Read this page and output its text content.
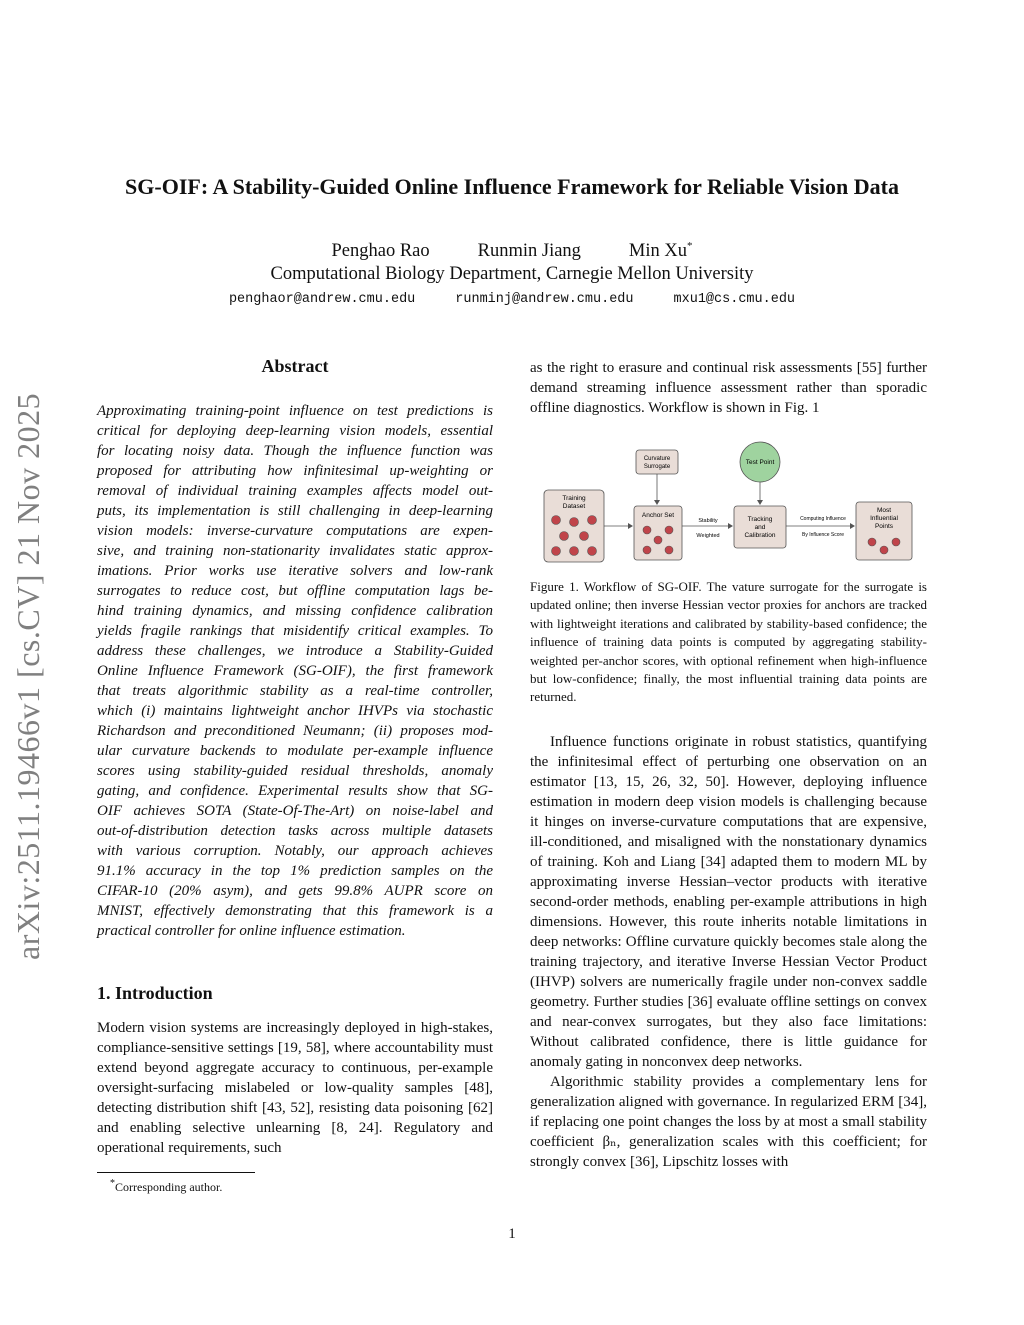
arXiv:2511.19466v1 [cs.CV] 21 Nov 2025
SG-OIF: A Stability-Guided Online Influence Framework for Reliable Vision Data
Penghao Rao	Runmin Jiang	Min Xu*
Computational Biology Department, Carnegie Mellon University
penghaor@andrew.cmu.edu	runminj@andrew.cmu.edu	mxu1@cs.cmu.edu
Abstract
Approximating training-point influence on test predictions is
critical for deploying deep-learning vision models, essential
for locating noisy data. Though the influence function was
proposed for attributing how infinitesimal up-weighting or
removal of individual training examples affects model out-
puts, its implementation is still challenging in deep-learning
vision models: inverse-curvature computations are expen-
sive, and training non-stationarity invalidates static approx-
imations. Prior works use iterative solvers and low-rank
surrogates to reduce cost, but offline computation lags be-
hind training dynamics, and missing confidence calibration
yields fragile rankings that misidentify critical examples. To
address these challenges, we introduce a Stability-Guided
Online Influence Framework (SG-OIF), the first framework
that treats algorithmic stability as a real-time controller,
which (i) maintains lightweight anchor IHVPs via stochastic
Richardson and preconditioned Neumann; (ii) proposes mod-
ular curvature backends to modulate per-example influence
scores using stability-guided residual thresholds, anomaly
gating, and confidence. Experimental results show that SG-
OIF achieves SOTA (State-Of-The-Art) on noise-label and
out-of-distribution detection tasks across multiple datasets
with various corruption. Notably, our approach achieves
91.1% accuracy in the top 1% prediction samples on the
CIFAR-10 (20% asym), and gets 99.8% AUPR score on
MNIST, effectively demonstrating that this framework is a
practical controller for online influence estimation.
1. Introduction
Modern vision systems are increasingly deployed in high-stakes, compliance-sensitive settings [19, 58], where accountability must extend beyond aggregate accuracy to continuous, per-example oversight-surfacing mislabeled or low-quality samples [48], detecting distribution shift [43, 52], resisting data poisoning [62] and enabling selective unlearning [8, 24]. Regulatory and operational requirements, such
*Corresponding author.
as the right to erasure and continual risk assessments [55] further demand streaming influence assessment rather than sporadic offline diagnostics. Workflow is shown in Fig. 1
Curvature
Surrogate
Test Point
Training
Dataset
Anchor Set
Stability
Weighted
Tracking
and
Calibration
Computing Influence
By Influence Score
Most
Influential
Points
Figure 1. Workflow of SG-OIF. The vature surrogate for the surrogate is updated online; then inverse Hessian vector proxies for anchors are tracked with lightweight iterations and calibrated by stability-based confidence; the influence of training data points is computed by aggregating stability-weighted per-anchor scores, with optional refinement when high-influence but low-confidence; finally, the most influential training data points are returned.

Influence functions originate in robust statistics, quantifying the infinitesimal effect of perturbing one observation on an estimator [13, 15, 26, 32, 50]. However, deploying influence estimation in modern deep vision models is challenging because it hinges on inverse-curvature computations that are expensive, ill-conditioned, and misaligned with the nonstationary dynamics of training. Koh and Liang [34] adapted them to modern ML by approximating inverse Hessian–vector products with iterative second-order methods, enabling per-example attributions in high dimensions. However, this route inherits notable limitations in deep networks: Offline curvature quickly becomes stale along the training trajectory, and iterative Inverse Hessian Vector Product (IHVP) solvers are numerically fragile under non-convex saddle geometry. Further studies [36] evaluate offline settings on convex and near-convex surrogates, but they also face limitations: Without calibrated confidence, there is little guidance for anomaly gating in nonconvex deep networks.

Algorithmic stability provides a complementary lens for generalization aligned with governance. In regularized ERM [34], if replacing one point changes the loss by at most a small stability coefficient βₙ, generalization scales with this coefficient; for strongly convex [36], Lipschitz losses with

1
